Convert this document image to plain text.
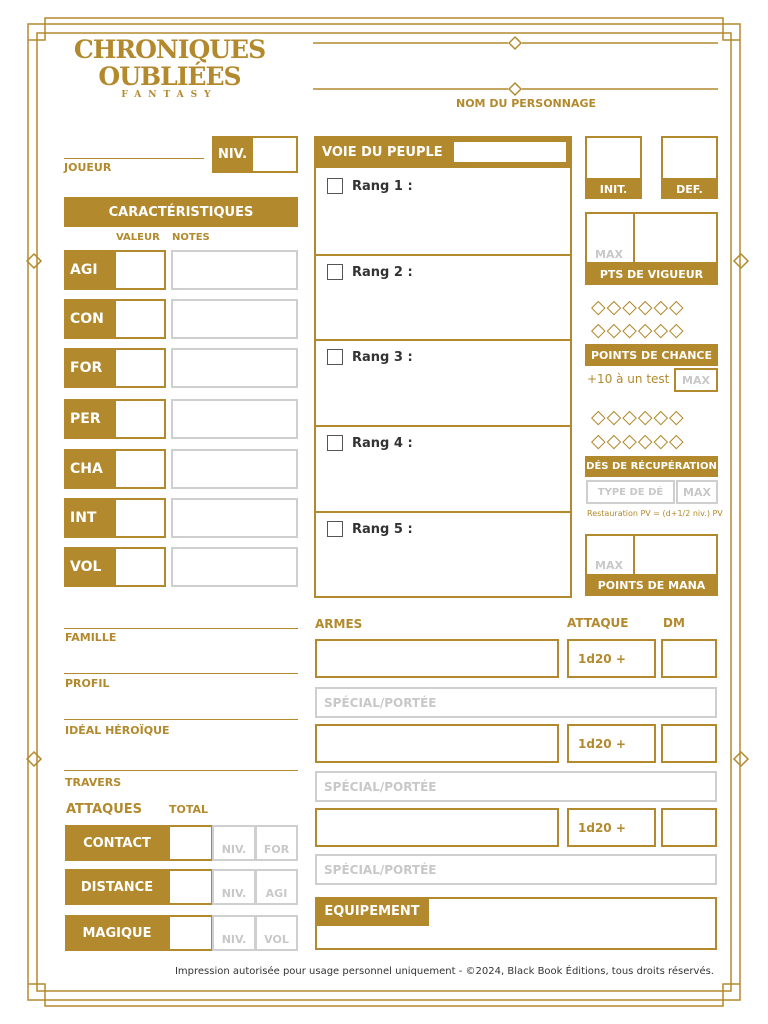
CHRONIQUES
OUBLIÉES
FANTASY
NOM DU PERSONNAGE
JOUEUR
NIV.
CARACTÉRISTIQUES
VALEUR NOTES
AGI
CON
FOR
PER
CHA
INT
VOL
VOIE DU PEUPLE
Rang 1 :
Rang 2 :
Rang 3 :
Rang 4 :
Rang 5 :
INIT.	DEF.
MAX
PTS DE VIGUEUR
◇◇◇◇◇◇
◇◇◇◇◇◇
POINTS DE CHANCE
+10 à un test MAX
◇◇◇◇◇◇
◇◇◇◇◇◇
DÉS DE RÉCUPÉRATION
TYPE DE DÉ MAX
Restauration PV = (d+1/2 niv.) PV
MAX
POINTS DE MANA
FAMILLE
PROFIL
IDÉAL HÉROÏQUE
TRAVERS
ATTAQUES TOTAL
CONTACT	NIV. FOR
DISTANCE	NIV. AGI
MAGIQUE	NIV. VOL
ARMES	ATTAQUE	DM
1d20 +
SPÉCIAL/PORTÉE
1d20 +
SPÉCIAL/PORTÉE
1d20 +
SPÉCIAL/PORTÉE
EQUIPEMENT
Impression autorisée pour usage personnel uniquement - ©2024, Black Book Éditions, tous droits réservés.
